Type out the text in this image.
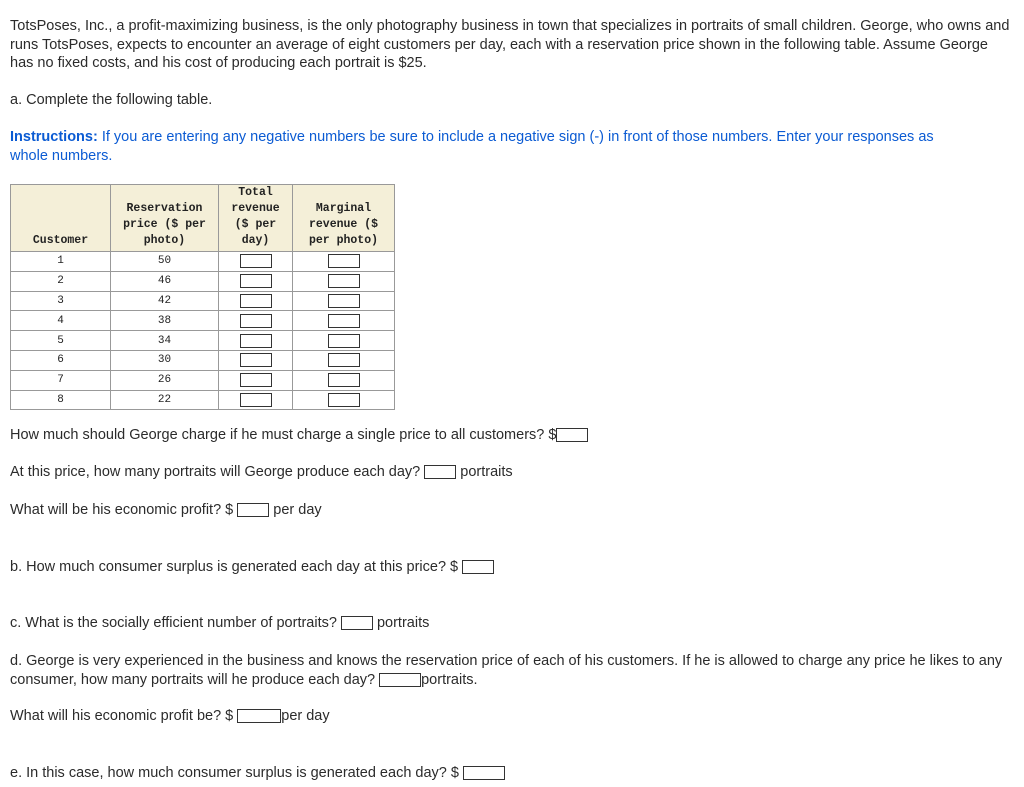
TotsPoses, Inc., a profit-maximizing business, is the only photography business in town that specializes in portraits of small children. George, who owns and runs TotsPoses, expects to encounter an average of eight customers per day, each with a reservation price shown in the following table. Assume George has no fixed costs, and his cost of producing each portrait is $25.

a. Complete the following table.

Instructions: If you are entering any negative numbers be sure to include a negative sign (-) in front of those numbers. Enter your responses as whole numbers.

Customer	Reservation price ($ per photo)	Total revenue ($ per day)	Marginal revenue ($ per photo)
1	50		
2	46		
3	42		
4	38		
5	34		
6	30		
7	26		
8	22		

How much should George charge if he must charge a single price to all customers? $

At this price, how many portraits will George produce each day?	portraits

What will be his economic profit? $	per day

b. How much consumer surplus is generated each day at this price? $

c. What is the socially efficient number of portraits?	portraits

d. George is very experienced in the business and knows the reservation price of each of his customers. If he is allowed to charge any price he likes to any consumer, how many portraits will he produce each day?	portraits.

What will his economic profit be? $	per day

e. In this case, how much consumer surplus is generated each day? $
